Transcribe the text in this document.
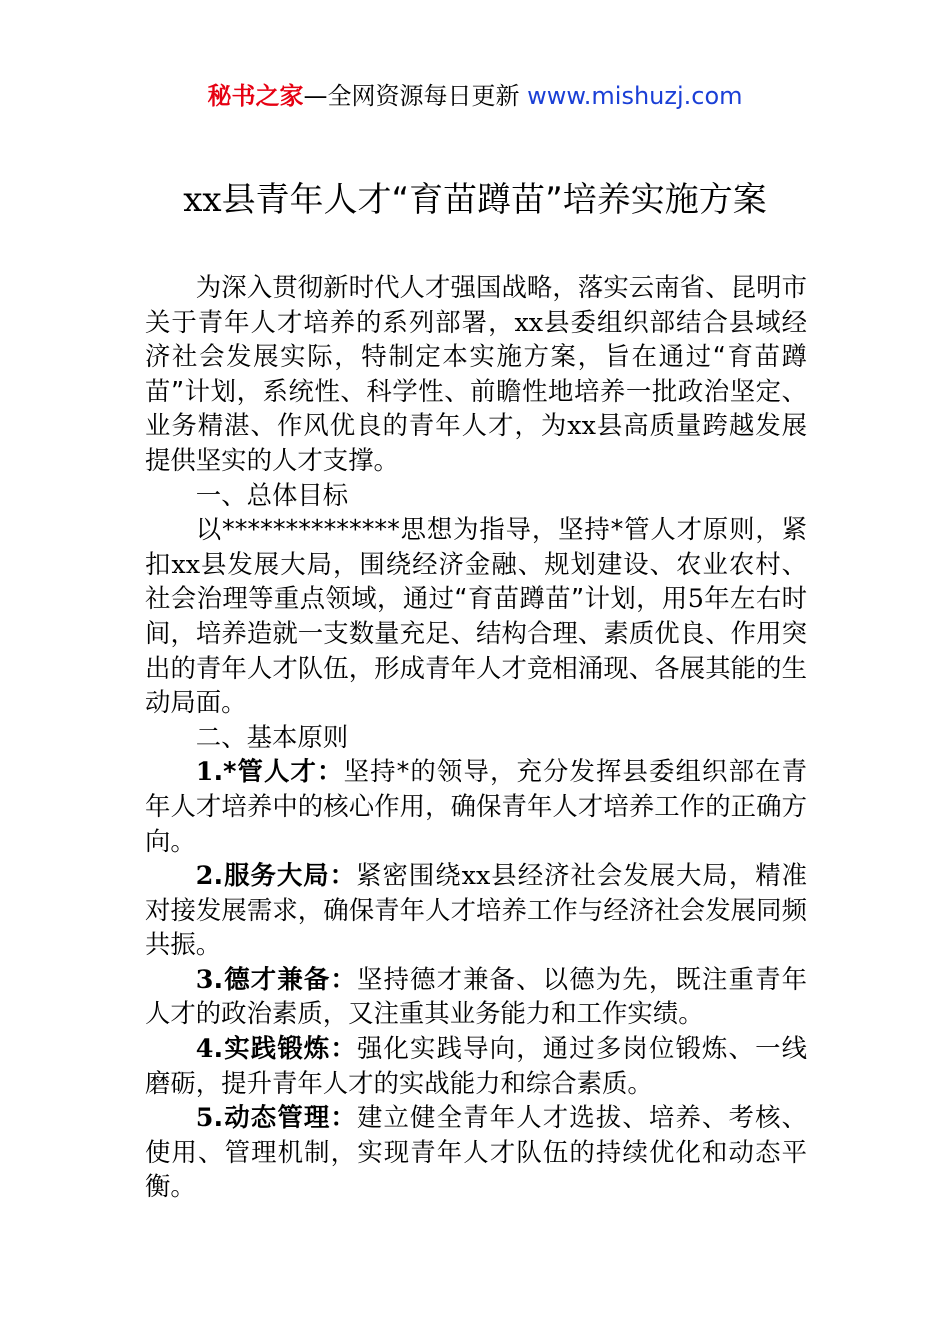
秘书之家—全网资源每日更新 www.mishuzj.com
xx县青年人才“育苗蹲苗”培养实施方案

为深入贯彻新时代人才强国战略，落实云南省、昆明市关于青年人才培养的系列部署，xx县委组织部结合县域经济社会发展实际，特制定本实施方案，旨在通过“育苗蹲苗”计划，系统性、科学性、前瞻性地培养一批政治坚定、业务精湛、作风优良的青年人才，为xx县高质量跨越发展提供坚实的人才支撑。

一、总体目标

以**************思想为指导，坚持*管人才原则，紧扣xx县发展大局，围绕经济金融、规划建设、农业农村、社会治理等重点领域，通过“育苗蹲苗”计划，用5年左右时间，培养造就一支数量充足、结构合理、素质优良、作用突出的青年人才队伍，形成青年人才竞相涌现、各展其能的生动局面。

二、基本原则

1.*管人才：坚持*的领导，充分发挥县委组织部在青年人才培养中的核心作用，确保青年人才培养工作的正确方向。

2.服务大局：紧密围绕xx县经济社会发展大局，精准对接发展需求，确保青年人才培养工作与经济社会发展同频共振。

3.德才兼备：坚持德才兼备、以德为先，既注重青年人才的政治素质，又注重其业务能力和工作实绩。

4.实践锻炼：强化实践导向，通过多岗位锻炼、一线磨砺，提升青年人才的实战能力和综合素质。

5.动态管理：建立健全青年人才选拔、培养、考核、使用、管理机制，实现青年人才队伍的持续优化和动态平衡。
